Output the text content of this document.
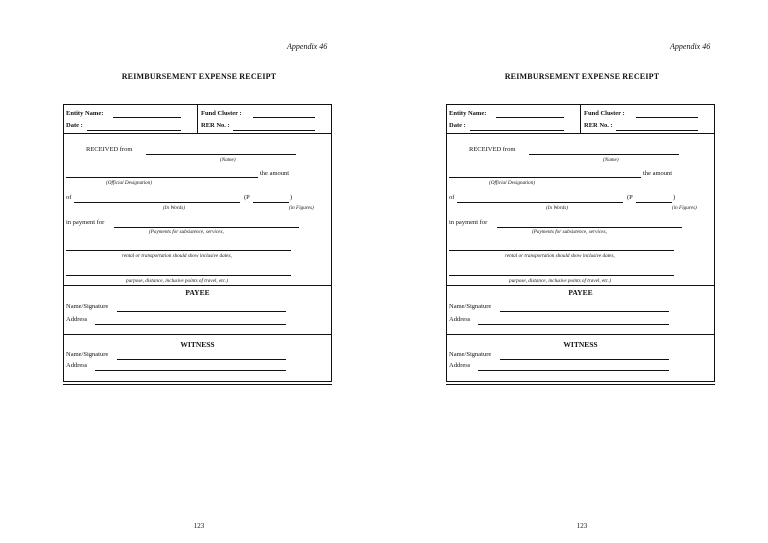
Appendix 46
REIMBURSEMENT EXPENSE RECEIPT
Entity Name:	Fund Cluster :
Date :	RER No. :
RECEIVED from
(Name)
the amount
(Official Designation)
of	(P	)
(In Words)	(in Figures)
in payment for
(Payments for subsistence, services,
rental or transportation should show inclusive dates,
purpose, distance, inclusive points of travel, etc.)
PAYEE
Name/Signature
Address
WITNESS
Name/Signature
Address
123
Appendix 46
REIMBURSEMENT EXPENSE RECEIPT
Entity Name:	Fund Cluster :
Date :	RER No. :
RECEIVED from
(Name)
the amount
(Official Designation)
of	(P	)
(In Words)	(in Figures)
in payment for
(Payments for subsistence, services,
rental or transportation should show inclusive dates,
purpose, distance, inclusive points of travel, etc.)
PAYEE
Name/Signature
Address
WITNESS
Name/Signature
Address
123
